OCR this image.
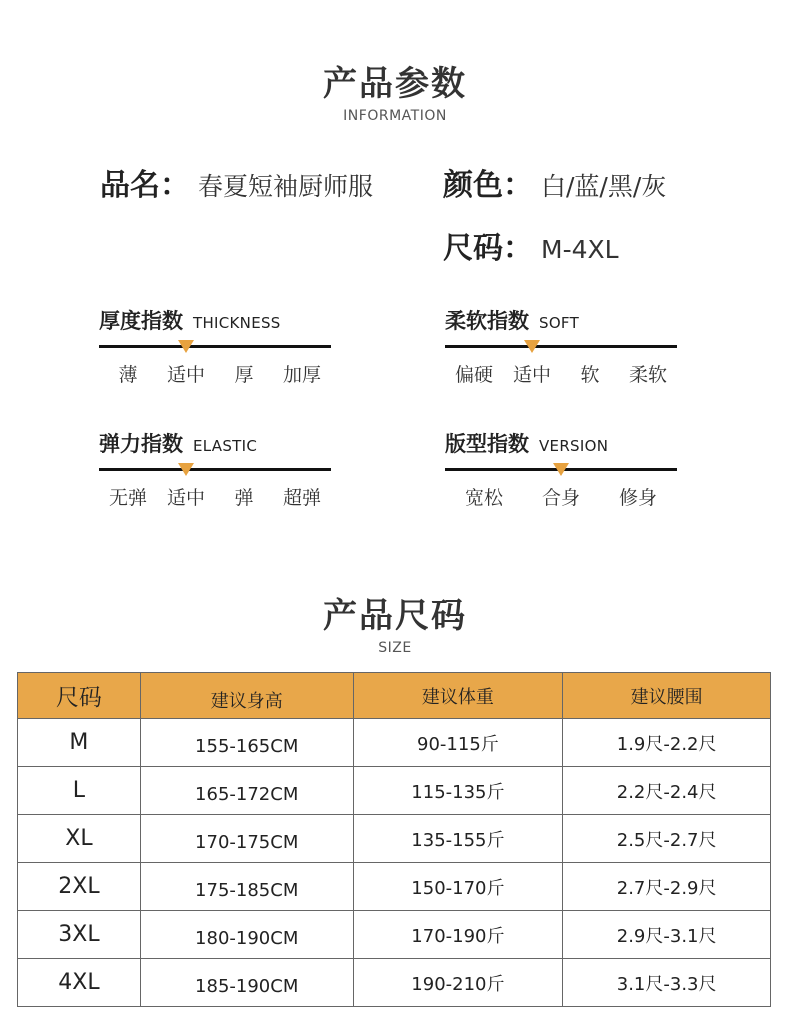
产品参数
INFORMATION
品名： 春夏短袖厨师服 颜色： 白/蓝/黑/灰
尺码： M-4XL
厚度指数 THICKNESS
薄 适中 厚 加厚
柔软指数 SOFT
偏硬 适中 软 柔软
弹力指数 ELASTIC
无弹 适中 弹 超弹
版型指数 VERSION
宽松 合身 修身
产品尺码
SIZE
尺码	建议身高	建议体重	建议腰围
M	155-165CM	90-115斤	1.9尺-2.2尺
L	165-172CM	115-135斤	2.2尺-2.4尺
XL	170-175CM	135-155斤	2.5尺-2.7尺
2XL	175-185CM	150-170斤	2.7尺-2.9尺
3XL	180-190CM	170-190斤	2.9尺-3.1尺
4XL	185-190CM	190-210斤	3.1尺-3.3尺
